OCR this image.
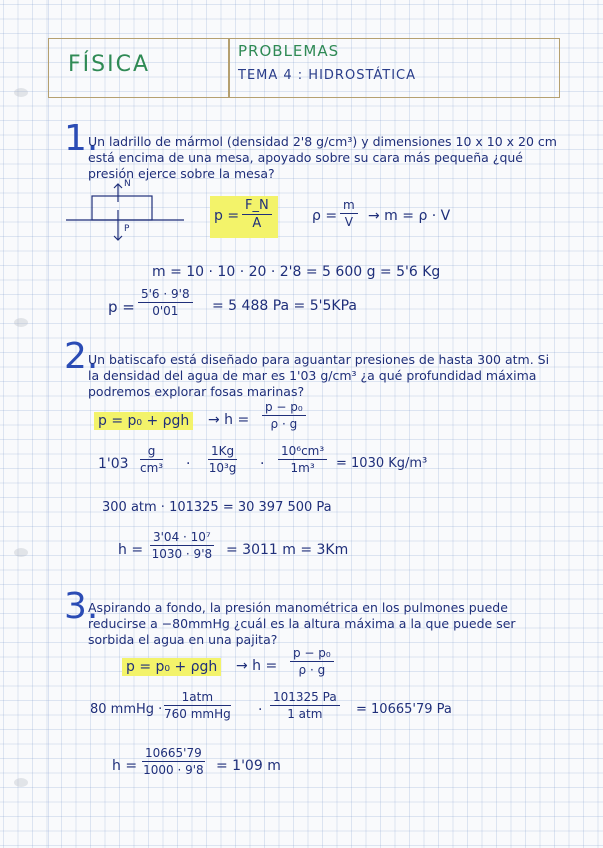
FÍSICA
PROBLEMAS
TEMA 4 : HIDROSTÁTICA
1.
Un ladrillo de mármol (densidad 2'8 g/cm³) y dimensiones 10 x 10 x 20 cm está encima de una mesa, apoyado sobre su cara más pequeña ¿qué presión ejerce sobre la mesa?
N
P
$p = \frac{F\_N}{A}$	$\rho = \frac{m}{V} \to m = \rho \cdot V$
m = 10 · 10 · 20 · 2'8 = 5 600 g = 5'6 Kg
$p = \frac{5'6 \cdot 9'8}{0'01} = 5$ 488 Pa = 5'5KPa
2.
Un batiscafo está diseñado para aguantar presiones de hasta 300 atm. Si la densidad del agua de mar es 1'03 g/cm³ ¿a qué profundidad máxima podremos explorar fosas marinas?
$p = p_0 + \rho gh \to h = \frac{\text{p − p₀}}{\rho \cdot g}$
$1'03 \frac{g}{\text{cm³}} \cdot \frac{1Kg}{\text{10³g}} \cdot \frac{\text{10⁶cm³}}{\text{1m³}} = 1030$ Kg/m³
300 atm · 101325 = 30 397 500 Pa
$h = \frac{\text{3'04 · 10⁷}}{1030 \cdot 9'8} = 3011$ m = 3Km
3.
Aspirando a fondo, la presión manométrica en los pulmones puede reducirse a −80mmHg ¿cuál es la altura máxima a la que puede ser sorbida el agua en una pajita?
$p = p_0 + \rho gh \to h = \frac{\text{p − p₀}}{\rho \cdot g}$
80 mmHg ·
1atm
760 mmHg ·
101325 Pa
1 atm	= 10665'79 Pa
$h = \frac{10665'79}{1000 \cdot 9'8} = 1'09$ m
